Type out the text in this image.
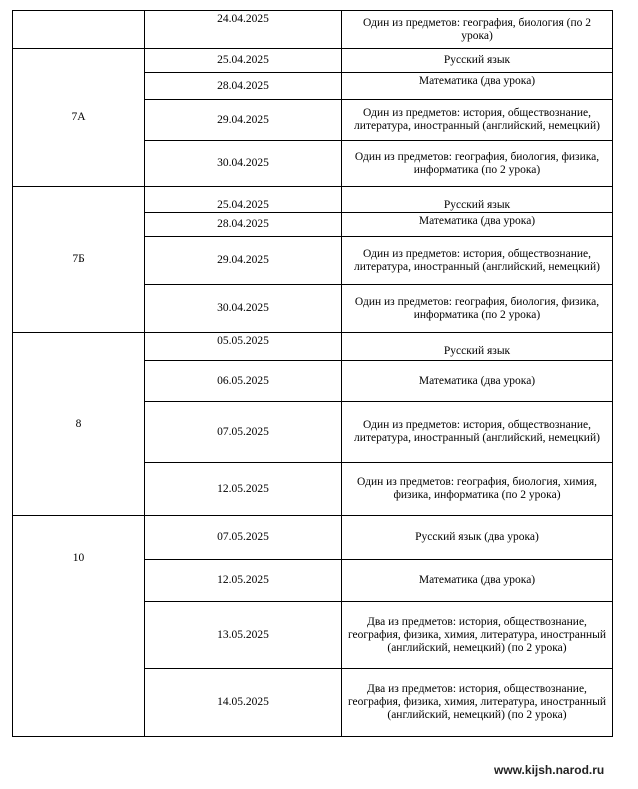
	24.04.2025	Один из предметов: география, биология (по 2 урока)
7А	25.04.2025	Русский язык
	28.04.2025	Математика (два урока)
	29.04.2025	Один из предметов: история, обществознание, литература, иностранный (английский, немецкий)
	30.04.2025	Один из предметов: география, биология, физика, информатика (по 2 урока)
7Б	25.04.2025	Русский язык
	28.04.2025	Математика (два урока)
	29.04.2025	Один из предметов: история, обществознание, литература, иностранный (английский, немецкий)
	30.04.2025	Один из предметов: география, биология, физика, информатика (по 2 урока)
8	05.05.2025	Русский язык
	06.05.2025	Математика (два урока)
	07.05.2025	Один из предметов: история, обществознание, литература, иностранный (английский, немецкий)
	12.05.2025	Один из предметов: география, биология, химия, физика, информатика (по 2 урока)
10	07.05.2025	Русский язык (два урока)
	12.05.2025	Математика (два урока)
	13.05.2025	Два из предметов: история, обществознание, география, физика, химия, литература, иностранный (английский, немецкий) (по 2 урока)
	14.05.2025	Два из предметов: история, обществознание, география, физика, химия, литература, иностранный (английский, немецкий) (по 2 урока)
www.kijsh.narod.ru
